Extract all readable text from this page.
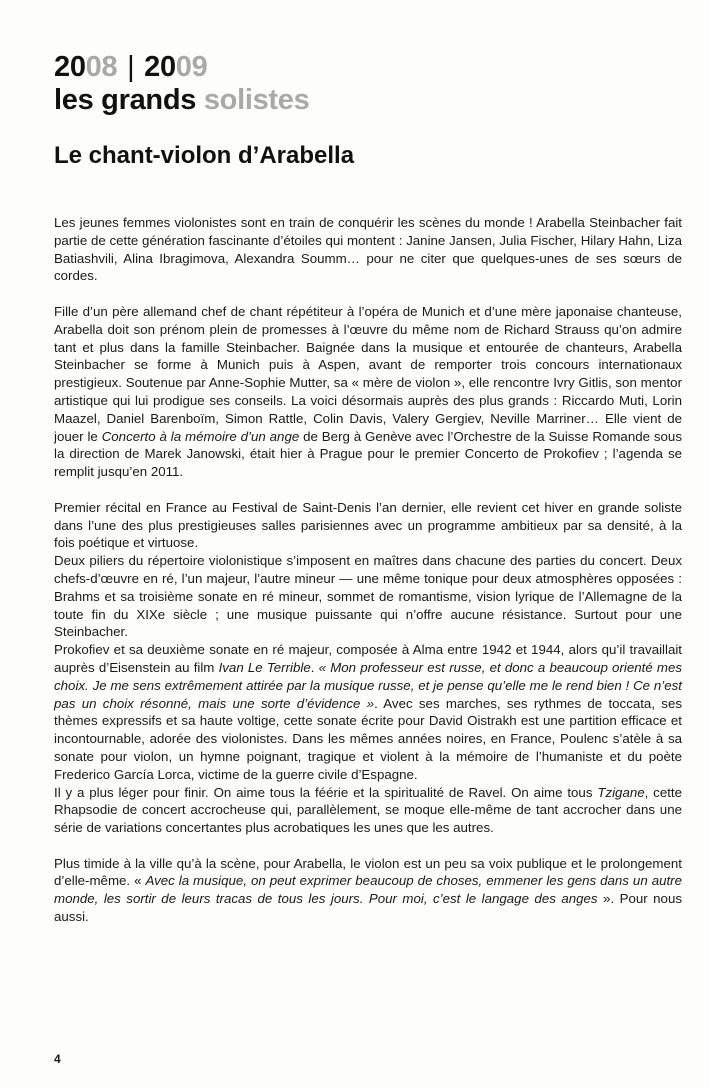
2008 | 2009
les grands solistes
Le chant-violon d’Arabella

Les jeunes femmes violonistes sont en train de conquérir les scènes du monde ! Arabella Steinbacher fait partie de cette génération fascinante d’étoiles qui montent : Janine Jansen, Julia Fischer, Hilary Hahn, Liza Batiashvili, Alina Ibragimova, Alexandra Soumm… pour ne citer que quelques-unes de ses sœurs de cordes.

Fille d’un père allemand chef de chant répétiteur à l’opéra de Munich et d’une mère japonaise chanteuse, Arabella doit son prénom plein de promesses à l’œuvre du même nom de Richard Strauss qu’on admire tant et plus dans la famille Steinbacher. Baignée dans la musique et entourée de chanteurs, Arabella Steinbacher se forme à Munich puis à Aspen, avant de remporter trois concours internationaux prestigieux. Soutenue par Anne-Sophie Mutter, sa « mère de violon », elle rencontre Ivry Gitlis, son mentor artistique qui lui prodigue ses conseils. La voici désormais auprès des plus grands : Riccardo Muti, Lorin Maazel, Daniel Barenboïm, Simon Rattle, Colin Davis, Valery Gergiev, Neville Marriner… Elle vient de jouer le Concerto à la mémoire d’un ange de Berg à Genève avec l’Orchestre de la Suisse Romande sous la direction de Marek Janowski, était hier à Prague pour le premier Concerto de Prokofiev ; l’agenda se remplit jusqu’en 2011.

Premier récital en France au Festival de Saint-Denis l’an dernier, elle revient cet hiver en grande soliste dans l’une des plus prestigieuses salles parisiennes avec un programme ambitieux par sa densité, à la fois poétique et virtuose.

Deux piliers du répertoire violonistique s’imposent en maîtres dans chacune des parties du concert. Deux chefs-d’œuvre en ré, l’un majeur, l’autre mineur — une même tonique pour deux atmosphères opposées : Brahms et sa troisième sonate en ré mineur, sommet de romantisme, vision lyrique de l’Allemagne de la toute fin du XIXe siècle ; une musique puissante qui n’offre aucune résistance. Surtout pour une Steinbacher.

Prokofiev et sa deuxième sonate en ré majeur, composée à Alma entre 1942 et 1944, alors qu’il travaillait auprès d’Eisenstein au film Ivan Le Terrible. « Mon professeur est russe, et donc a beaucoup orienté mes choix. Je me sens extrêmement attirée par la musique russe, et je pense qu’elle me le rend bien ! Ce n’est pas un choix résonné, mais une sorte d’évidence ». Avec ses marches, ses rythmes de toccata, ses thèmes expressifs et sa haute voltige, cette sonate écrite pour David Oistrakh est une partition efficace et incontournable, adorée des violonistes. Dans les mêmes années noires, en France, Poulenc s’atèle à sa sonate pour violon, un hymne poignant, tragique et violent à la mémoire de l’humaniste et du poète Frederico García Lorca, victime de la guerre civile d’Espagne.

Il y a plus léger pour finir. On aime tous la féérie et la spiritualité de Ravel. On aime tous Tzigane, cette Rhapsodie de concert accrocheuse qui, parallèlement, se moque elle-même de tant accrocher dans une série de variations concertantes plus acrobatiques les unes que les autres.

Plus timide à la ville qu’à la scène, pour Arabella, le violon est un peu sa voix publique et le prolongement d’elle-même. « Avec la musique, on peut exprimer beaucoup de choses, emmener les gens dans un autre monde, les sortir de leurs tracas de tous les jours. Pour moi, c’est le langage des anges ». Pour nous aussi.

4
